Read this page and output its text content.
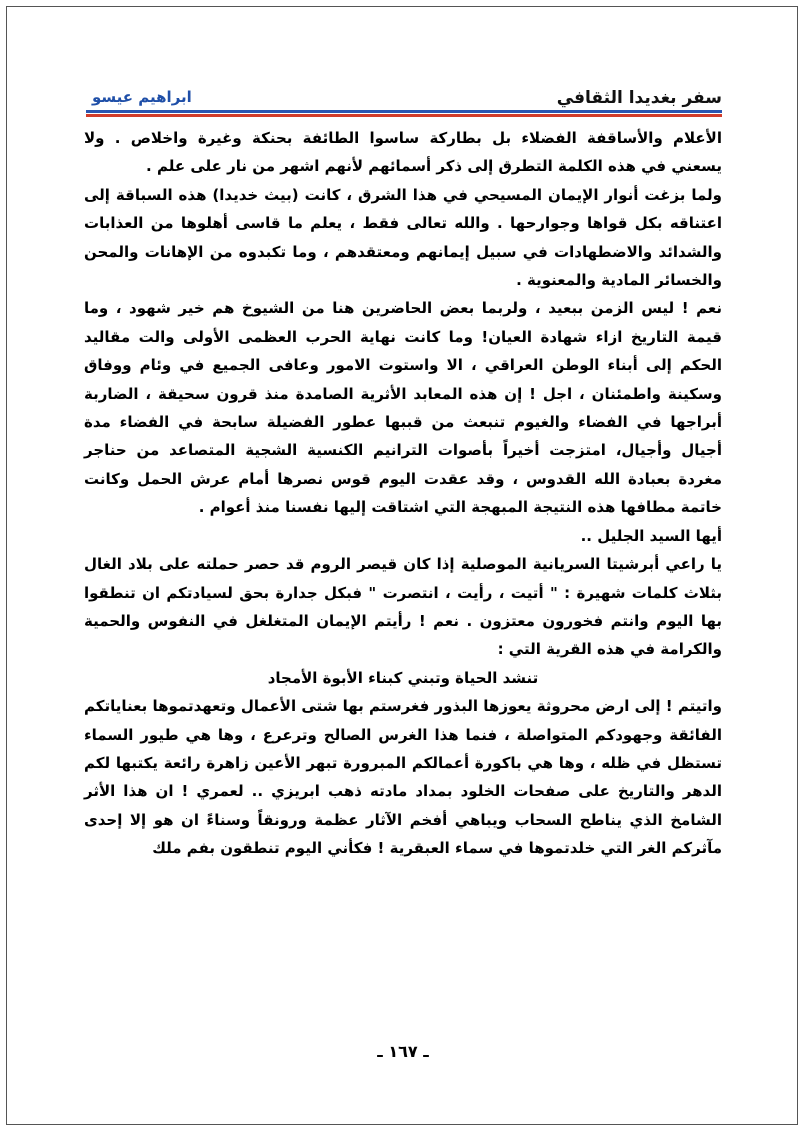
سفر بغديدا الثقافي
ابراهيم عيسو

الأعلام والأساقفة الفضلاء بل بطاركة ساسوا الطائفة بحنكة وغيرة واخلاص . ولا يسعني في هذه الكلمة التطرق إلى ذكر أسمائهم لأنهم اشهر من نار على علم .

ولما بزغت أنوار الإيمان المسيحي في هذا الشرق ، كانت (بيث خديدا) هذه السباقة إلى اعتناقه بكل قواها وجوارحها . والله تعالى فقط ، يعلم ما قاسى أهلوها من العذابات والشدائد والاضطهادات في سبيل إيمانهم ومعتقدهم ، وما تكبدوه من الإهانات والمحن والخسائر المادية والمعنوية .

نعم ! ليس الزمن ببعيد ، ولربما بعض الحاضرين هنا من الشيوخ هم خير شهود ، وما قيمة التاريخ ازاء شهادة العيان! وما كانت نهاية الحرب العظمى الأولى والت مقاليد الحكم إلى أبناء الوطن العراقي ، الا واستوت الامور وعافى الجميع في وئام ووفاق وسكينة واطمئنان ، اجل ! إن هذه المعابد الأثرية الصامدة منذ قرون سحيقة ، الضاربة أبراجها في الفضاء والغيوم تنبعث من قببها عطور الفضيلة سابحة في الفضاء مدة أجيال وأجيال، امتزجت أخيراً بأصوات الترانيم الكنسية الشجية المتصاعد من حناجر مغردة بعبادة الله القدوس ، وقد عقدت اليوم قوس نصرها أمام عرش الحمل وكانت خاتمة مطافها هذه النتيجة المبهجة التي اشتاقت إليها نفسنا منذ أعوام .

أيها السيد الجليل ..

يا راعي أبرشيتا السريانية الموصلية إذا كان قيصر الروم قد حصر حملته على بلاد الغال بثلاث كلمات شهيرة : " أتيت ، رأيت ، انتصرت " فبكل جدارة بحق لسيادتكم ان تنطقوا بها اليوم وانتم فخورون معتزون . نعم ! رأيتم الإيمان المتغلغل في النفوس والحمية والكرامة في هذه القرية التي :

تنشد الحياة وتبني كبناء الأبوة الأمجاد

واتيتم ! إلى ارض محروثة يعوزها البذور فغرستم بها شتى الأعمال وتعهدتموها بعناياتكم الفائقة وجهودكم المتواصلة ، فنما هذا الغرس الصالح وترعرع ، وها هي طيور السماء تستظل في ظله ، وها هي باكورة أعمالكم المبرورة تبهر الأعين زاهرة رائعة يكتبها لكم الدهر والتاريخ على صفحات الخلود بمداد مادته ذهب ابريزي .. لعمري ! ان هذا الأثر الشامخ الذي يناطح السحاب ويباهي أفخم الآثار عظمة ورونقاً وسناءً ان هو إلا إحدى مآثركم الغر التي خلدتموها في سماء العبقرية ! فكأني اليوم تنطقون بفم ملك

ـ ١٦٧ ـ
